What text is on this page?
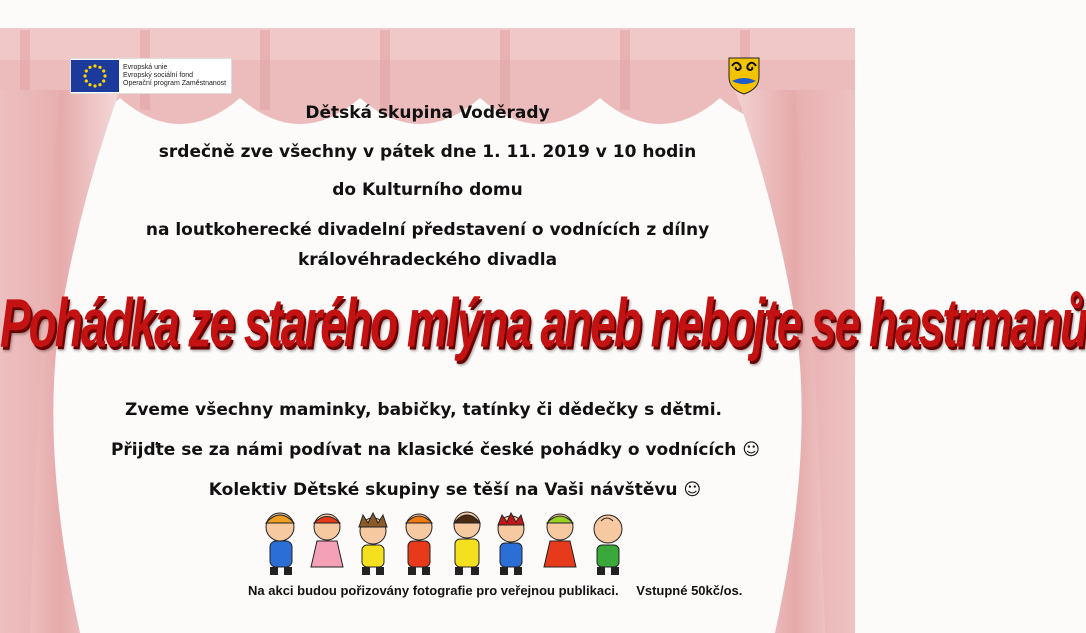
Evropská unie
Evropský sociální fond
Operační program Zaměstnanost
Dětská skupina Voděrady
srdečně zve všechny v pátek dne 1. 11. 2019 v 10 hodin
do Kulturního domu
na loutkoherecké divadelní představení o vodnících z dílny
královéhradeckého divadla
Pohádka ze starého mlýna aneb nebojte se hastrmanů
Zveme všechny maminky, babičky, tatínky či dědečky s dětmi.
Přijďte se za námi podívat na klasické české pohádky o vodnících ☺
Kolektiv Dětské skupiny se těší na Vaši návštěvu ☺
Na akci budou pořizovány fotografie pro veřejnou publikaci. Vstupné 50kč/os.
